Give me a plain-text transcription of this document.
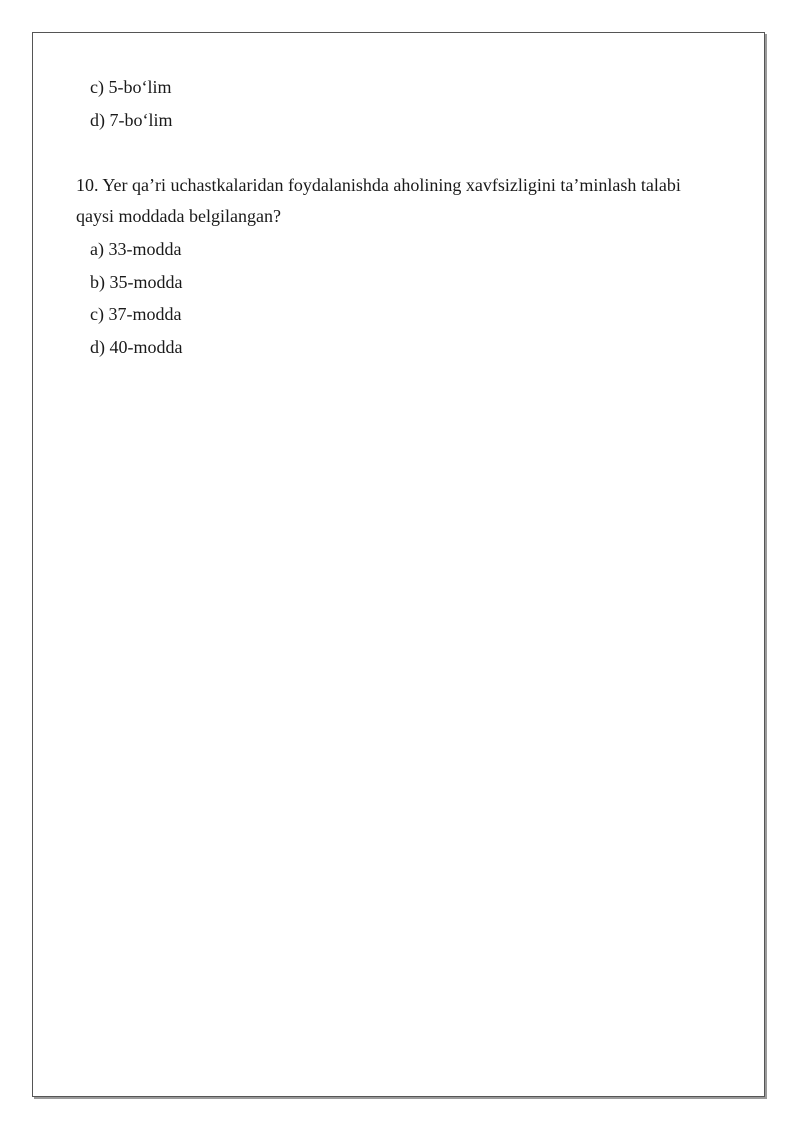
c) 5-bo‘lim
d) 7-bo‘lim
10. Yer qa’ri uchastkalaridan foydalanishda aholining xavfsizligini ta’minlash talabi
qaysi moddada belgilangan?
a) 33-modda
b) 35-modda
c) 37-modda
d) 40-modda
